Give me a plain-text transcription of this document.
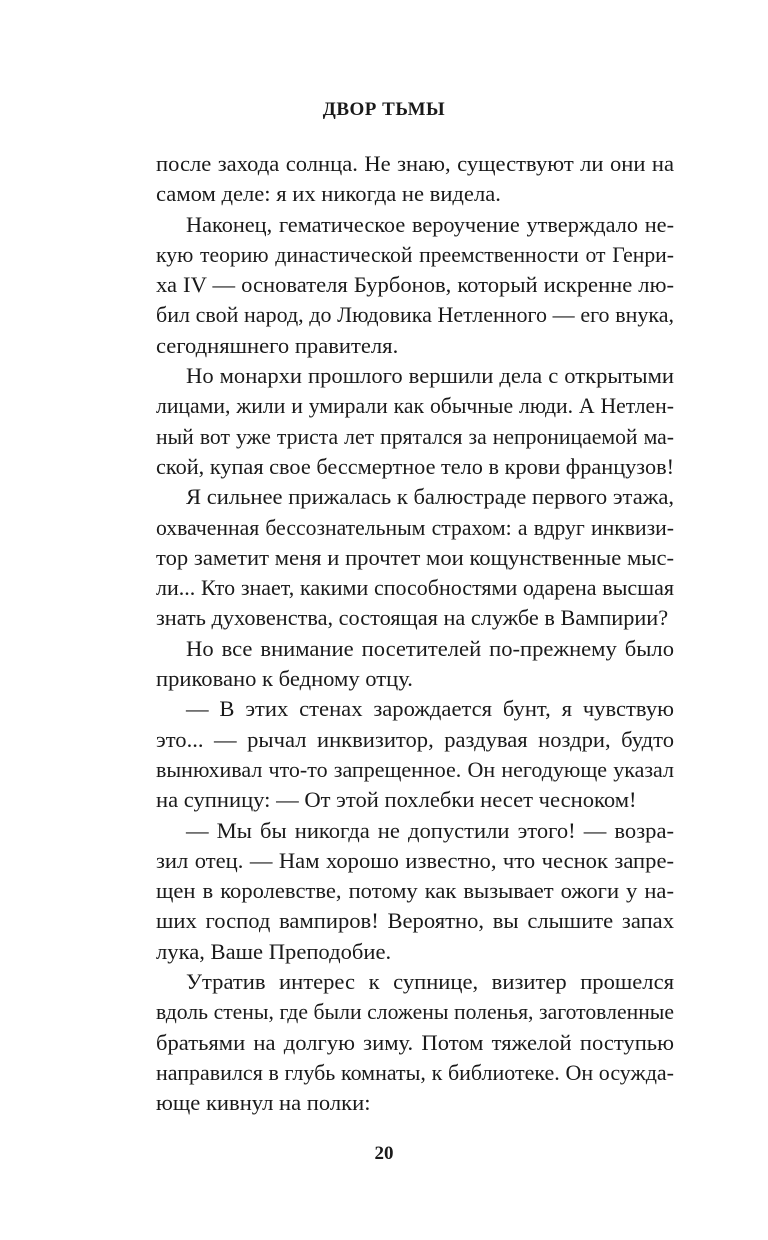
ДВОР ТЬМЫ
после захода солнца. Не знаю, существуют ли они на
самом деле: я их никогда не видела.
Наконец, гематическое вероучение утверждало не-
кую теорию династической преемственности от Генри-
ха IV — основателя Бурбонов, который искренне лю-
бил свой народ, до Людовика Нетленного — его внука,
сегодняшнего правителя.
Но монархи прошлого вершили дела с открытыми
лицами, жили и умирали как обычные люди. А Нетлен-
ный вот уже триста лет прятался за непроницаемой ма-
ской, купая свое бессмертное тело в крови французов!
Я сильнее прижалась к балюстраде первого этажа,
охваченная бессознательным страхом: а вдруг инквизи-
тор заметит меня и прочтет мои кощунственные мыс-
ли... Кто знает, какими способностями одарена высшая
знать духовенства, состоящая на службе в Вампирии?
Но все внимание посетителей по-прежнему было
приковано к бедному отцу.
— В этих стенах зарождается бунт, я чувствую
это... — рычал инквизитор, раздувая ноздри, будто
вынюхивал что-то запрещенное. Он негодующе указал
на супницу: — От этой похлебки несет чесноком!
— Мы бы никогда не допустили этого! — возра-
зил отец. — Нам хорошо известно, что чеснок запре-
щен в королевстве, потому как вызывает ожоги у на-
ших господ вампиров! Вероятно, вы слышите запах
лука, Ваше Преподобие.
Утратив интерес к супнице, визитер прошелся
вдоль стены, где были сложены поленья, заготовленные
братьями на долгую зиму. Потом тяжелой поступью
направился в глубь комнаты, к библиотеке. Он осужда-
юще кивнул на полки:
20
